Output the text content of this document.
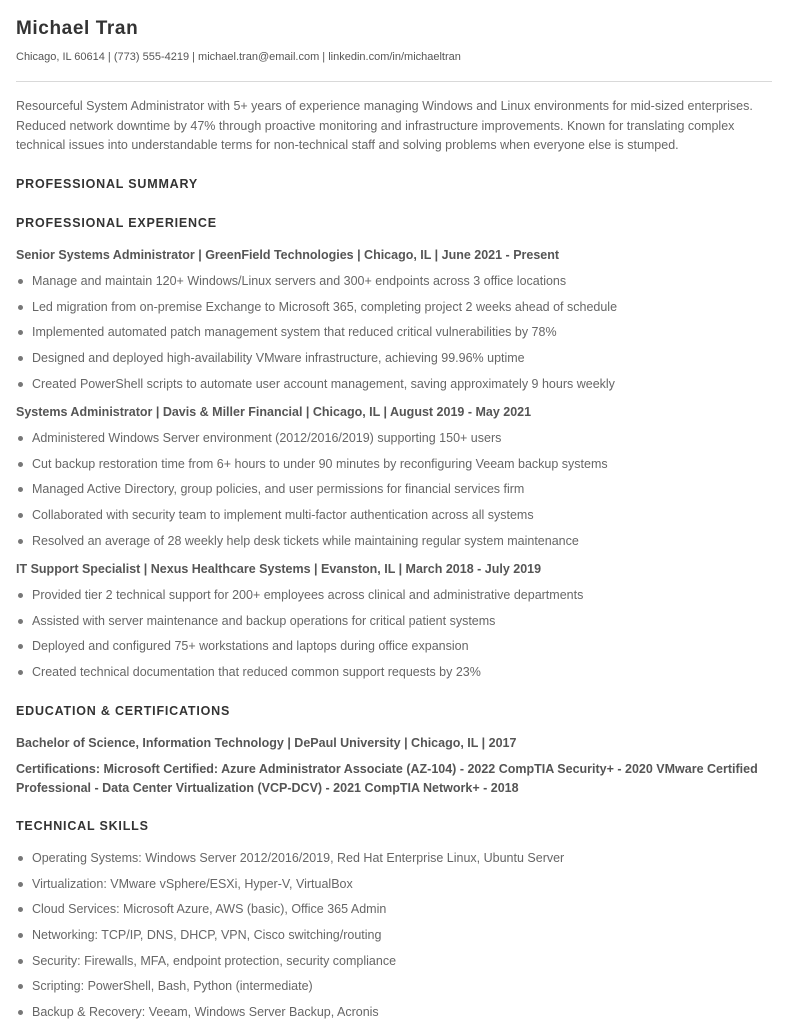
Michael Tran
Chicago, IL 60614 | (773) 555-4219 | michael.tran@email.com | linkedin.com/in/michaeltran

Resourceful System Administrator with 5+ years of experience managing Windows and Linux environments for mid-sized enterprises. Reduced network downtime by 47% through proactive monitoring and infrastructure improvements. Known for translating complex technical issues into understandable terms for non-technical staff and solving problems when everyone else is stumped.

PROFESSIONAL SUMMARY
PROFESSIONAL EXPERIENCE

Senior Systems Administrator | GreenField Technologies | Chicago, IL | June 2021 - Present

Manage and maintain 120+ Windows/Linux servers and 300+ endpoints across 3 office locations
Led migration from on-premise Exchange to Microsoft 365, completing project 2 weeks ahead of schedule
Implemented automated patch management system that reduced critical vulnerabilities by 78%
Designed and deployed high-availability VMware infrastructure, achieving 99.96% uptime
Created PowerShell scripts to automate user account management, saving approximately 9 hours weekly

Systems Administrator | Davis & Miller Financial | Chicago, IL | August 2019 - May 2021

Administered Windows Server environment (2012/2016/2019) supporting 150+ users
Cut backup restoration time from 6+ hours to under 90 minutes by reconfiguring Veeam backup systems
Managed Active Directory, group policies, and user permissions for financial services firm
Collaborated with security team to implement multi-factor authentication across all systems
Resolved an average of 28 weekly help desk tickets while maintaining regular system maintenance

IT Support Specialist | Nexus Healthcare Systems | Evanston, IL | March 2018 - July 2019

Provided tier 2 technical support for 200+ employees across clinical and administrative departments
Assisted with server maintenance and backup operations for critical patient systems
Deployed and configured 75+ workstations and laptops during office expansion
Created technical documentation that reduced common support requests by 23%
EDUCATION & CERTIFICATIONS

Bachelor of Science, Information Technology | DePaul University | Chicago, IL | 2017

Certifications: Microsoft Certified: Azure Administrator Associate (AZ-104) - 2022 CompTIA Security+ - 2020 VMware Certified Professional - Data Center Virtualization (VCP-DCV) - 2021 CompTIA Network+ - 2018

TECHNICAL SKILLS
Operating Systems: Windows Server 2012/2016/2019, Red Hat Enterprise Linux, Ubuntu Server
Virtualization: VMware vSphere/ESXi, Hyper-V, VirtualBox
Cloud Services: Microsoft Azure, AWS (basic), Office 365 Admin
Networking: TCP/IP, DNS, DHCP, VPN, Cisco switching/routing
Security: Firewalls, MFA, endpoint protection, security compliance
Scripting: PowerShell, Bash, Python (intermediate)
Backup & Recovery: Veeam, Windows Server Backup, Acronis
